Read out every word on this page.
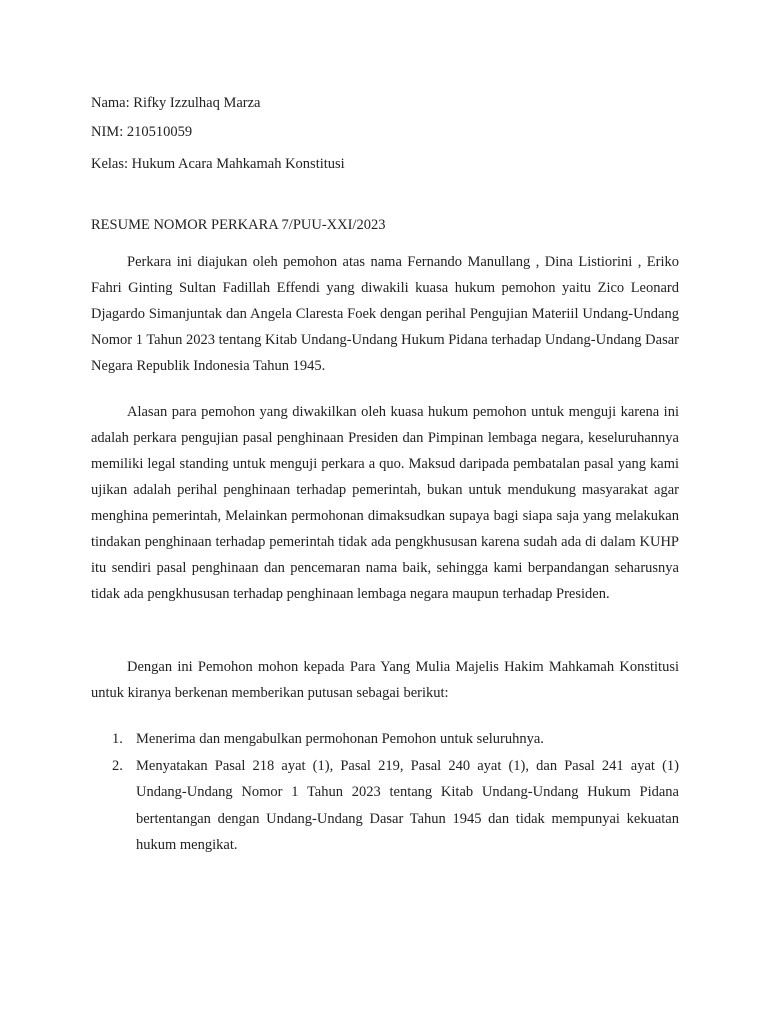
Nama: Rifky Izzulhaq Marza
NIM: 210510059
Kelas: Hukum Acara Mahkamah Konstitusi
RESUME NOMOR PERKARA 7/PUU-XXI/2023

Perkara ini diajukan oleh pemohon atas nama Fernando Manullang , Dina Listiorini , Eriko Fahri Ginting Sultan Fadillah Effendi yang diwakili kuasa hukum pemohon yaitu Zico Leonard Djagardo Simanjuntak dan Angela Claresta Foek dengan perihal Pengujian Materiil Undang-Undang Nomor 1 Tahun 2023 tentang Kitab Undang-Undang Hukum Pidana terhadap Undang-Undang Dasar Negara Republik Indonesia Tahun 1945.

Alasan para pemohon yang diwakilkan oleh kuasa hukum pemohon untuk menguji karena ini adalah perkara pengujian pasal penghinaan Presiden dan Pimpinan lembaga negara, keseluruhannya memiliki legal standing untuk menguji perkara a quo. Maksud daripada pembatalan pasal yang kami ujikan adalah perihal penghinaan terhadap pemerintah, bukan untuk mendukung masyarakat agar menghina pemerintah, Melainkan permohonan dimaksudkan supaya bagi siapa saja yang melakukan tindakan penghinaan terhadap pemerintah tidak ada pengkhususan karena sudah ada di dalam KUHP itu sendiri pasal penghinaan dan pencemaran nama baik, sehingga kami berpandangan seharusnya tidak ada pengkhususan terhadap penghinaan lembaga negara maupun terhadap Presiden.

Dengan ini Pemohon mohon kepada Para Yang Mulia Majelis Hakim Mahkamah Konstitusi untuk kiranya berkenan memberikan putusan sebagai berikut:

1. Menerima dan mengabulkan permohonan Pemohon untuk seluruhnya.
2. Menyatakan Pasal 218 ayat (1), Pasal 219, Pasal 240 ayat (1), dan Pasal 241 ayat (1) Undang-Undang Nomor 1 Tahun 2023 tentang Kitab Undang-Undang Hukum Pidana bertentangan dengan Undang-Undang Dasar Tahun 1945 dan tidak mempunyai kekuatan hukum mengikat.
